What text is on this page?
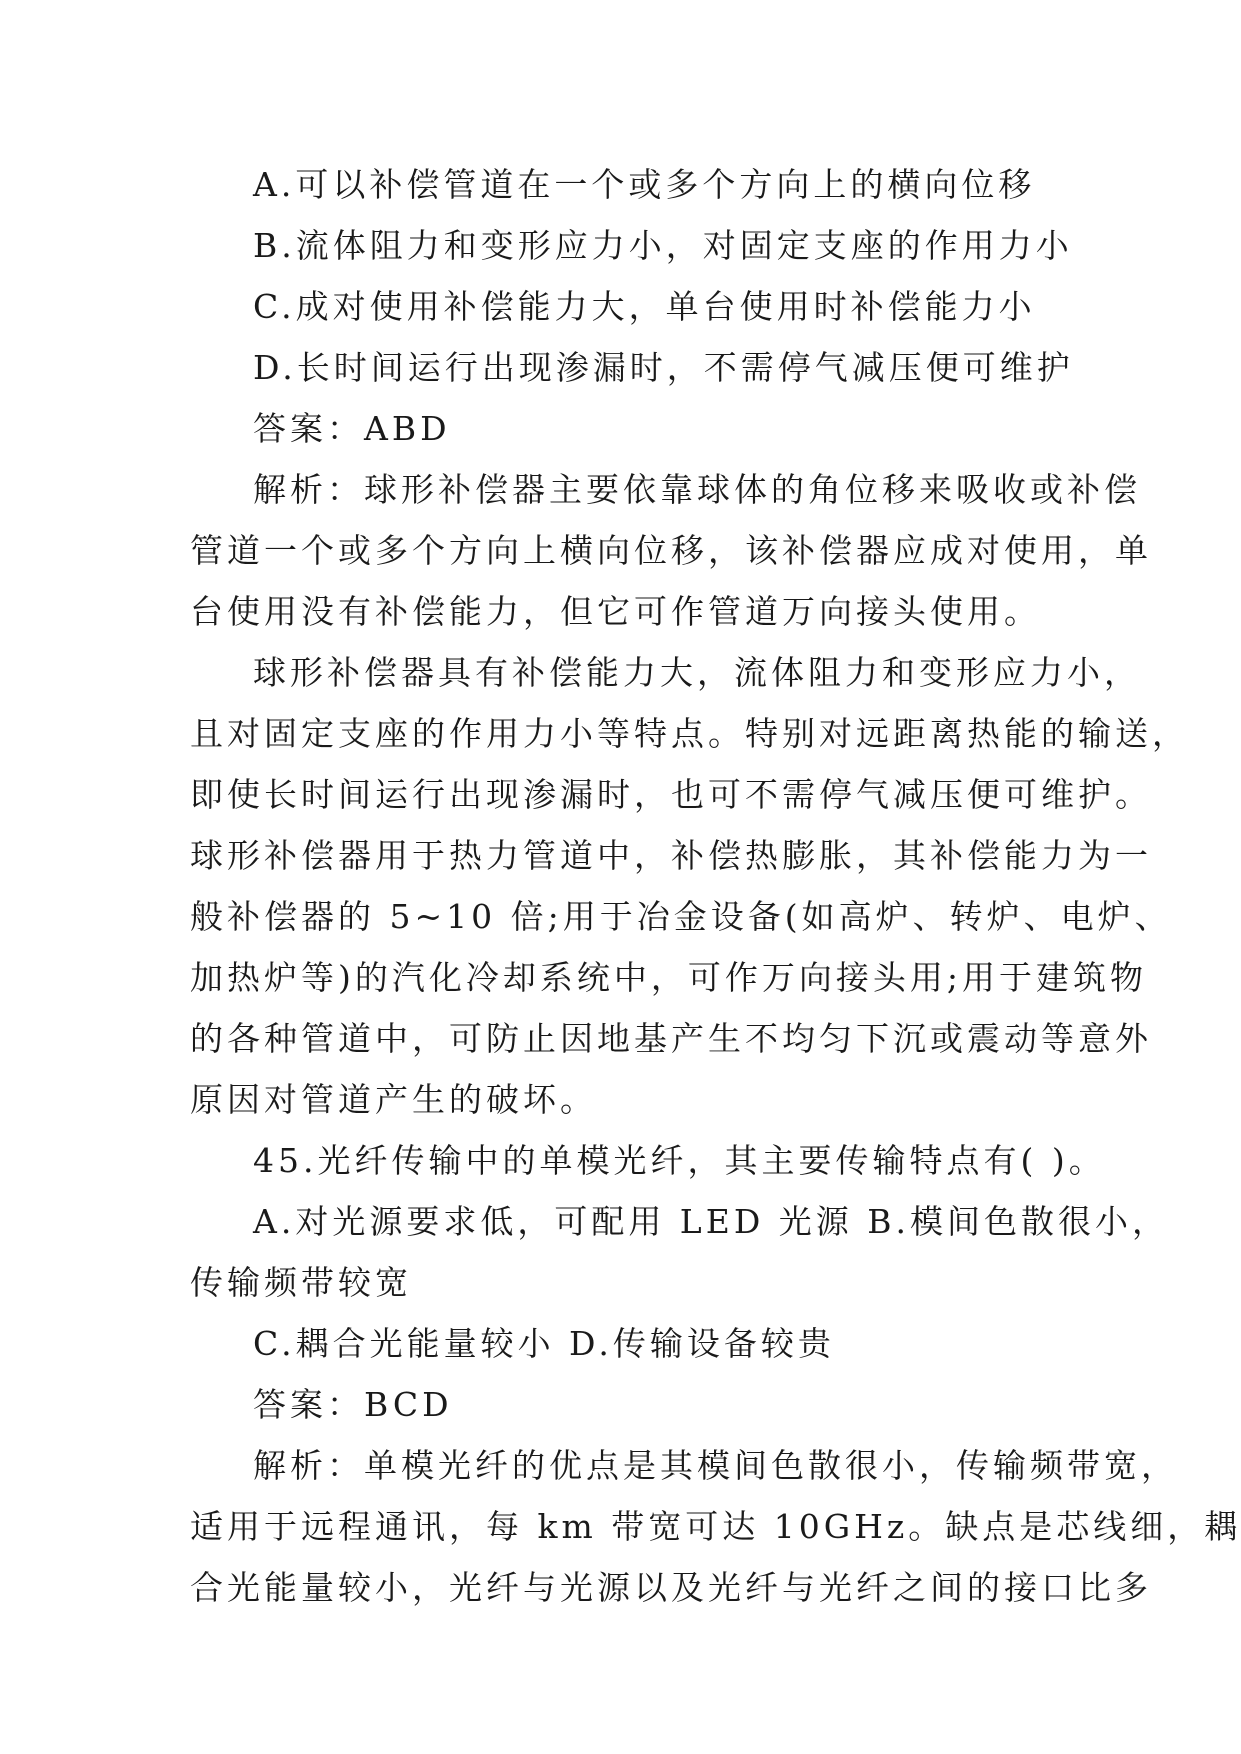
A.可以补偿管道在一个或多个方向上的横向位移
B.流体阻力和变形应力小，对固定支座的作用力小
C.成对使用补偿能力大，单台使用时补偿能力小
D.长时间运行出现渗漏时，不需停气减压便可维护
答案：ABD
解析：球形补偿器主要依靠球体的角位移来吸收或补偿
管道一个或多个方向上横向位移，该补偿器应成对使用，单
台使用没有补偿能力，但它可作管道万向接头使用。
球形补偿器具有补偿能力大，流体阻力和变形应力小，
且对固定支座的作用力小等特点。特别对远距离热能的输送，
即使长时间运行出现渗漏时，也可不需停气减压便可维护。
球形补偿器用于热力管道中，补偿热膨胀，其补偿能力为一
般补偿器的 5~10 倍;用于冶金设备(如高炉、转炉、电炉、
加热炉等)的汽化冷却系统中，可作万向接头用;用于建筑物
的各种管道中，可防止因地基产生不均匀下沉或震动等意外
原因对管道产生的破坏。
45.光纤传输中的单模光纤，其主要传输特点有( )。
A.对光源要求低，可配用 LED 光源 B.模间色散很小，
传输频带较宽
C.耦合光能量较小 D.传输设备较贵
答案：BCD
解析：单模光纤的优点是其模间色散很小，传输频带宽，
适用于远程通讯，每 km 带宽可达 10GHz。缺点是芯线细，耦
合光能量较小，光纤与光源以及光纤与光纤之间的接口比多
